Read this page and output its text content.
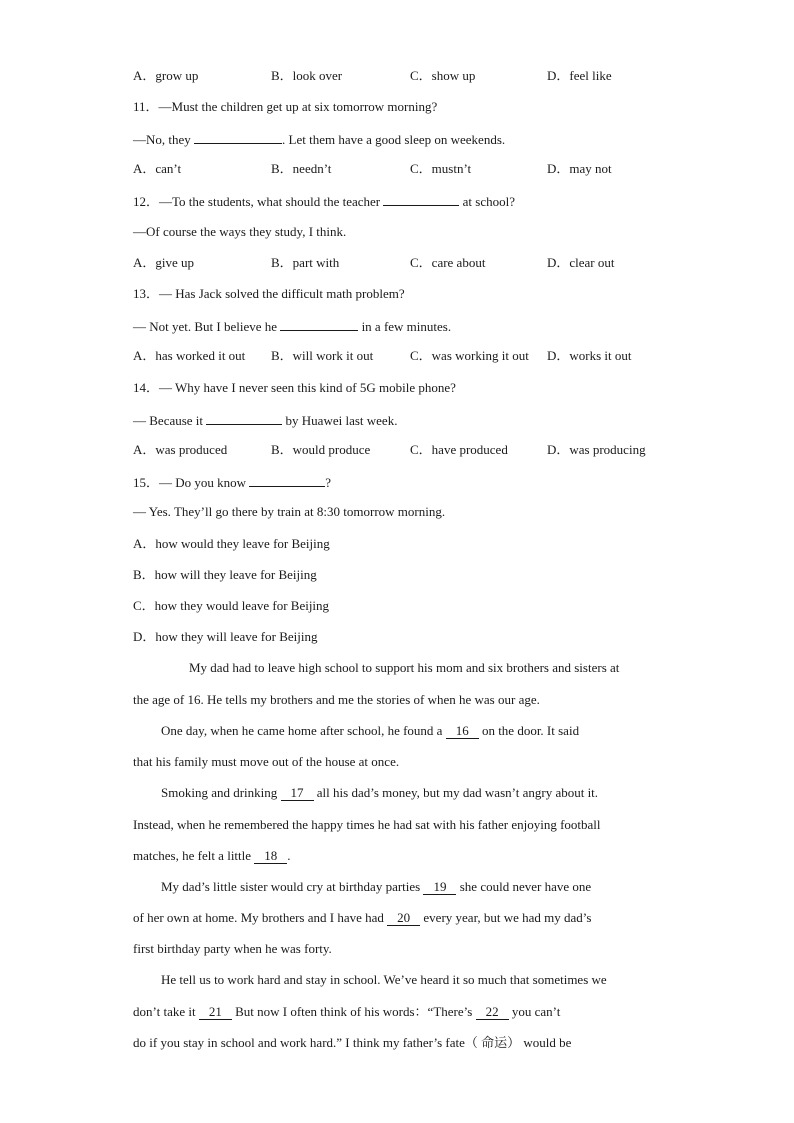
A．grow up	B．look over	C．show up	D．feel like
11．—Must the children get up at six tomorrow morning?
—No, they	. Let them have a good sleep on weekends.
A．can’t	B．needn’t	C．mustn’t	D．may not
12．—To the students, what should the teacher	at school?
—Of course the ways they study, I think.
A．give up	B．part with	C．care about	D．clear out
13．— Has Jack solved the difficult math problem?
— Not yet. But I believe he	in a few minutes.
A．has worked it out B．will work it out	C．was working it out D．works it out
14．— Why have I never seen this kind of 5G mobile phone?
— Because it	by Huawei last week.
A．was produced	B．would produce	C．have produced	D．was producing
15．— Do you know	?
— Yes. They’ll go there by train at 8:30 tomorrow morning.
A．how would they leave for Beijing
B．how will they leave for Beijing
C．how they would leave for Beijing
D．how they will leave for Beijing
My dad had to leave high school to support his mom and six brothers and sisters at
the age of 16. He tells my brothers and me the stories of when he was our age.
One day, when he came home after school, he found a 16 on the door. It said
that his family must move out of the house at once.
Smoking and drinking 17 all his dad’s money, but my dad wasn’t angry about it.
Instead, when he remembered the happy times he had sat with his father enjoying football
matches, he felt a little 18 .
My dad’s little sister would cry at birthday parties 19 she could never have one
of her own at home. My brothers and I have had 20 every year, but we had my dad’s
first birthday party when he was forty.
He tell us to work hard and stay in school. We’ve heard it so much that sometimes we
don’t take it 21 But now I often think of his words：“There’s 22 you can’t
do if you stay in school and work hard.” I think my father’s fate（ 命运） would be
